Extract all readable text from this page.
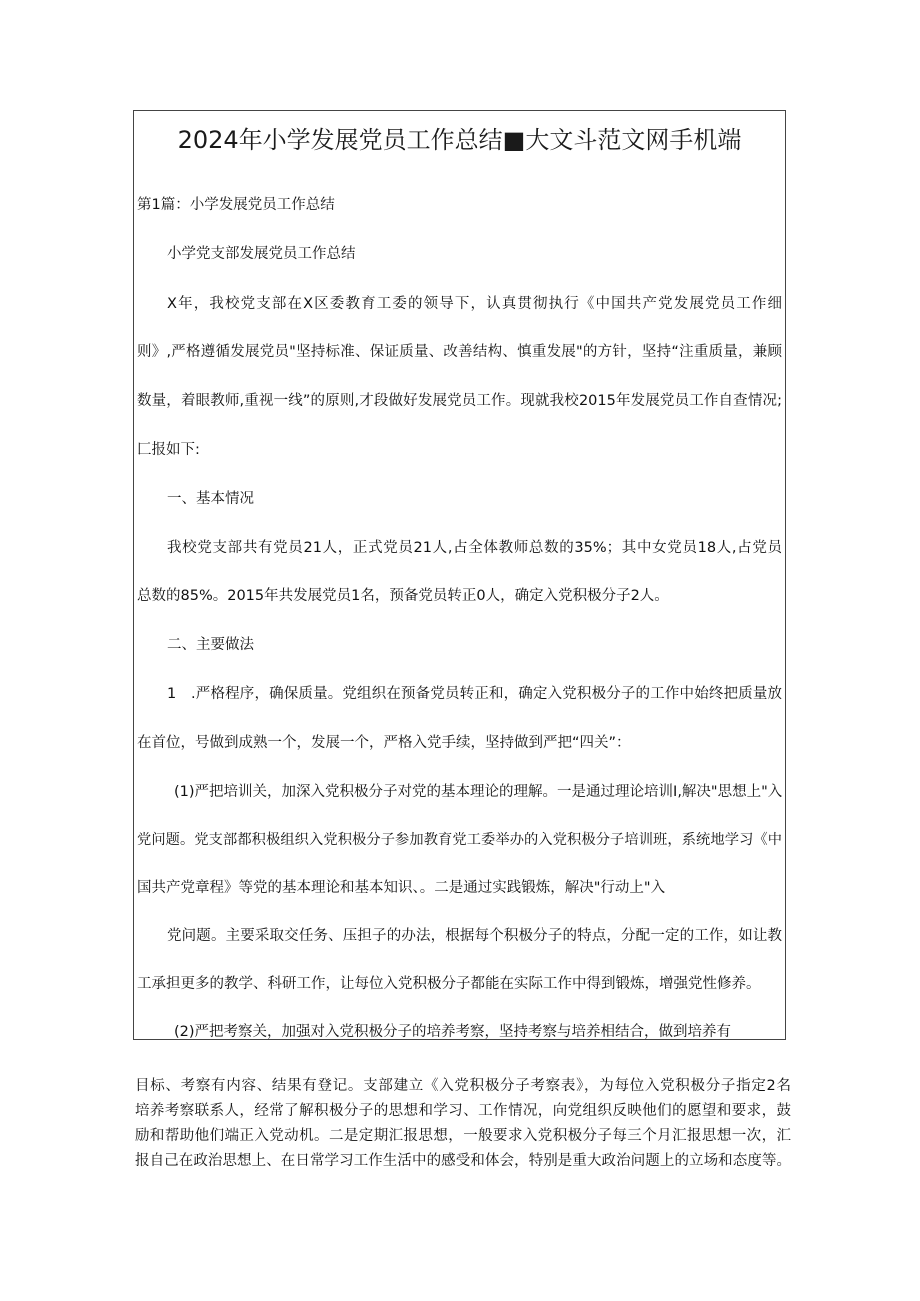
2024年小学发展党员工作总结■大文斗范文网手机端
第1篇：小学发展党员工作总结
小学党支部发展党员工作总结
X年，我校党支部在X区委教育工委的领导下，认真贯彻执行《中国共产党发展党员工作细
则》,严格遵循发展党员"坚持标准、保证质量、改善结构、慎重发展"的方针，坚持“注重质量，兼顾
数量，着眼教师,重视一线”的原则,才段做好发展党员工作。现就我校2015年发展党员工作自查情况;
匚报如下:
一、基本情况
我校党支部共有党员21人，正式党员21人,占全体教师总数的35%；其中女党员18人,占党员
总数的85%。2015年共发展党员1名，预备党员转正0人，确定入党积极分子2人。
二、主要做法
1　.严格程序，确保质量。党组织在预备党员转正和，确定入党积极分子的工作中始终把质量放
在首位，号做到成熟一个，发展一个，严格入党手续，坚持做到严把“四关”：
(1)严把培训关，加深入党积极分子对党的基本理论的理解。一是通过理论培训I,解决"思想上"入
党问题。党支部都积极组织入党积极分子参加教育党工委举办的入党积极分子培训班，系统地学习《中
国共产党章程》等党的基本理论和基本知识、。二是通过实践锻炼，解决"行动上"入
党问题。主要采取交任务、压担子的办法，根据每个积极分子的特点，分配一定的工作，如让教
工承担更多的教学、科研工作，让每位入党积极分子都能在实际工作中得到锻炼，增强党性修养。
(2)严把考察关，加强对入党积极分子的培养考察，坚持考察与培养相结合，做到培养有
目标、考察有内容、结果有登记。支部建立《入党积极分子考察表》，为每位入党积极分子指定2名
培养考察联系人，经常了解积极分子的思想和学习、工作情况，向党组织反映他们的愿望和要求，鼓
励和帮助他们端正入党动机。二是定期汇报思想，一般要求入党积极分子每三个月汇报思想一次，汇
报自己在政治思想上、在日常学习工作生活中的感受和体会，特别是重大政治问题上的立场和态度等。
